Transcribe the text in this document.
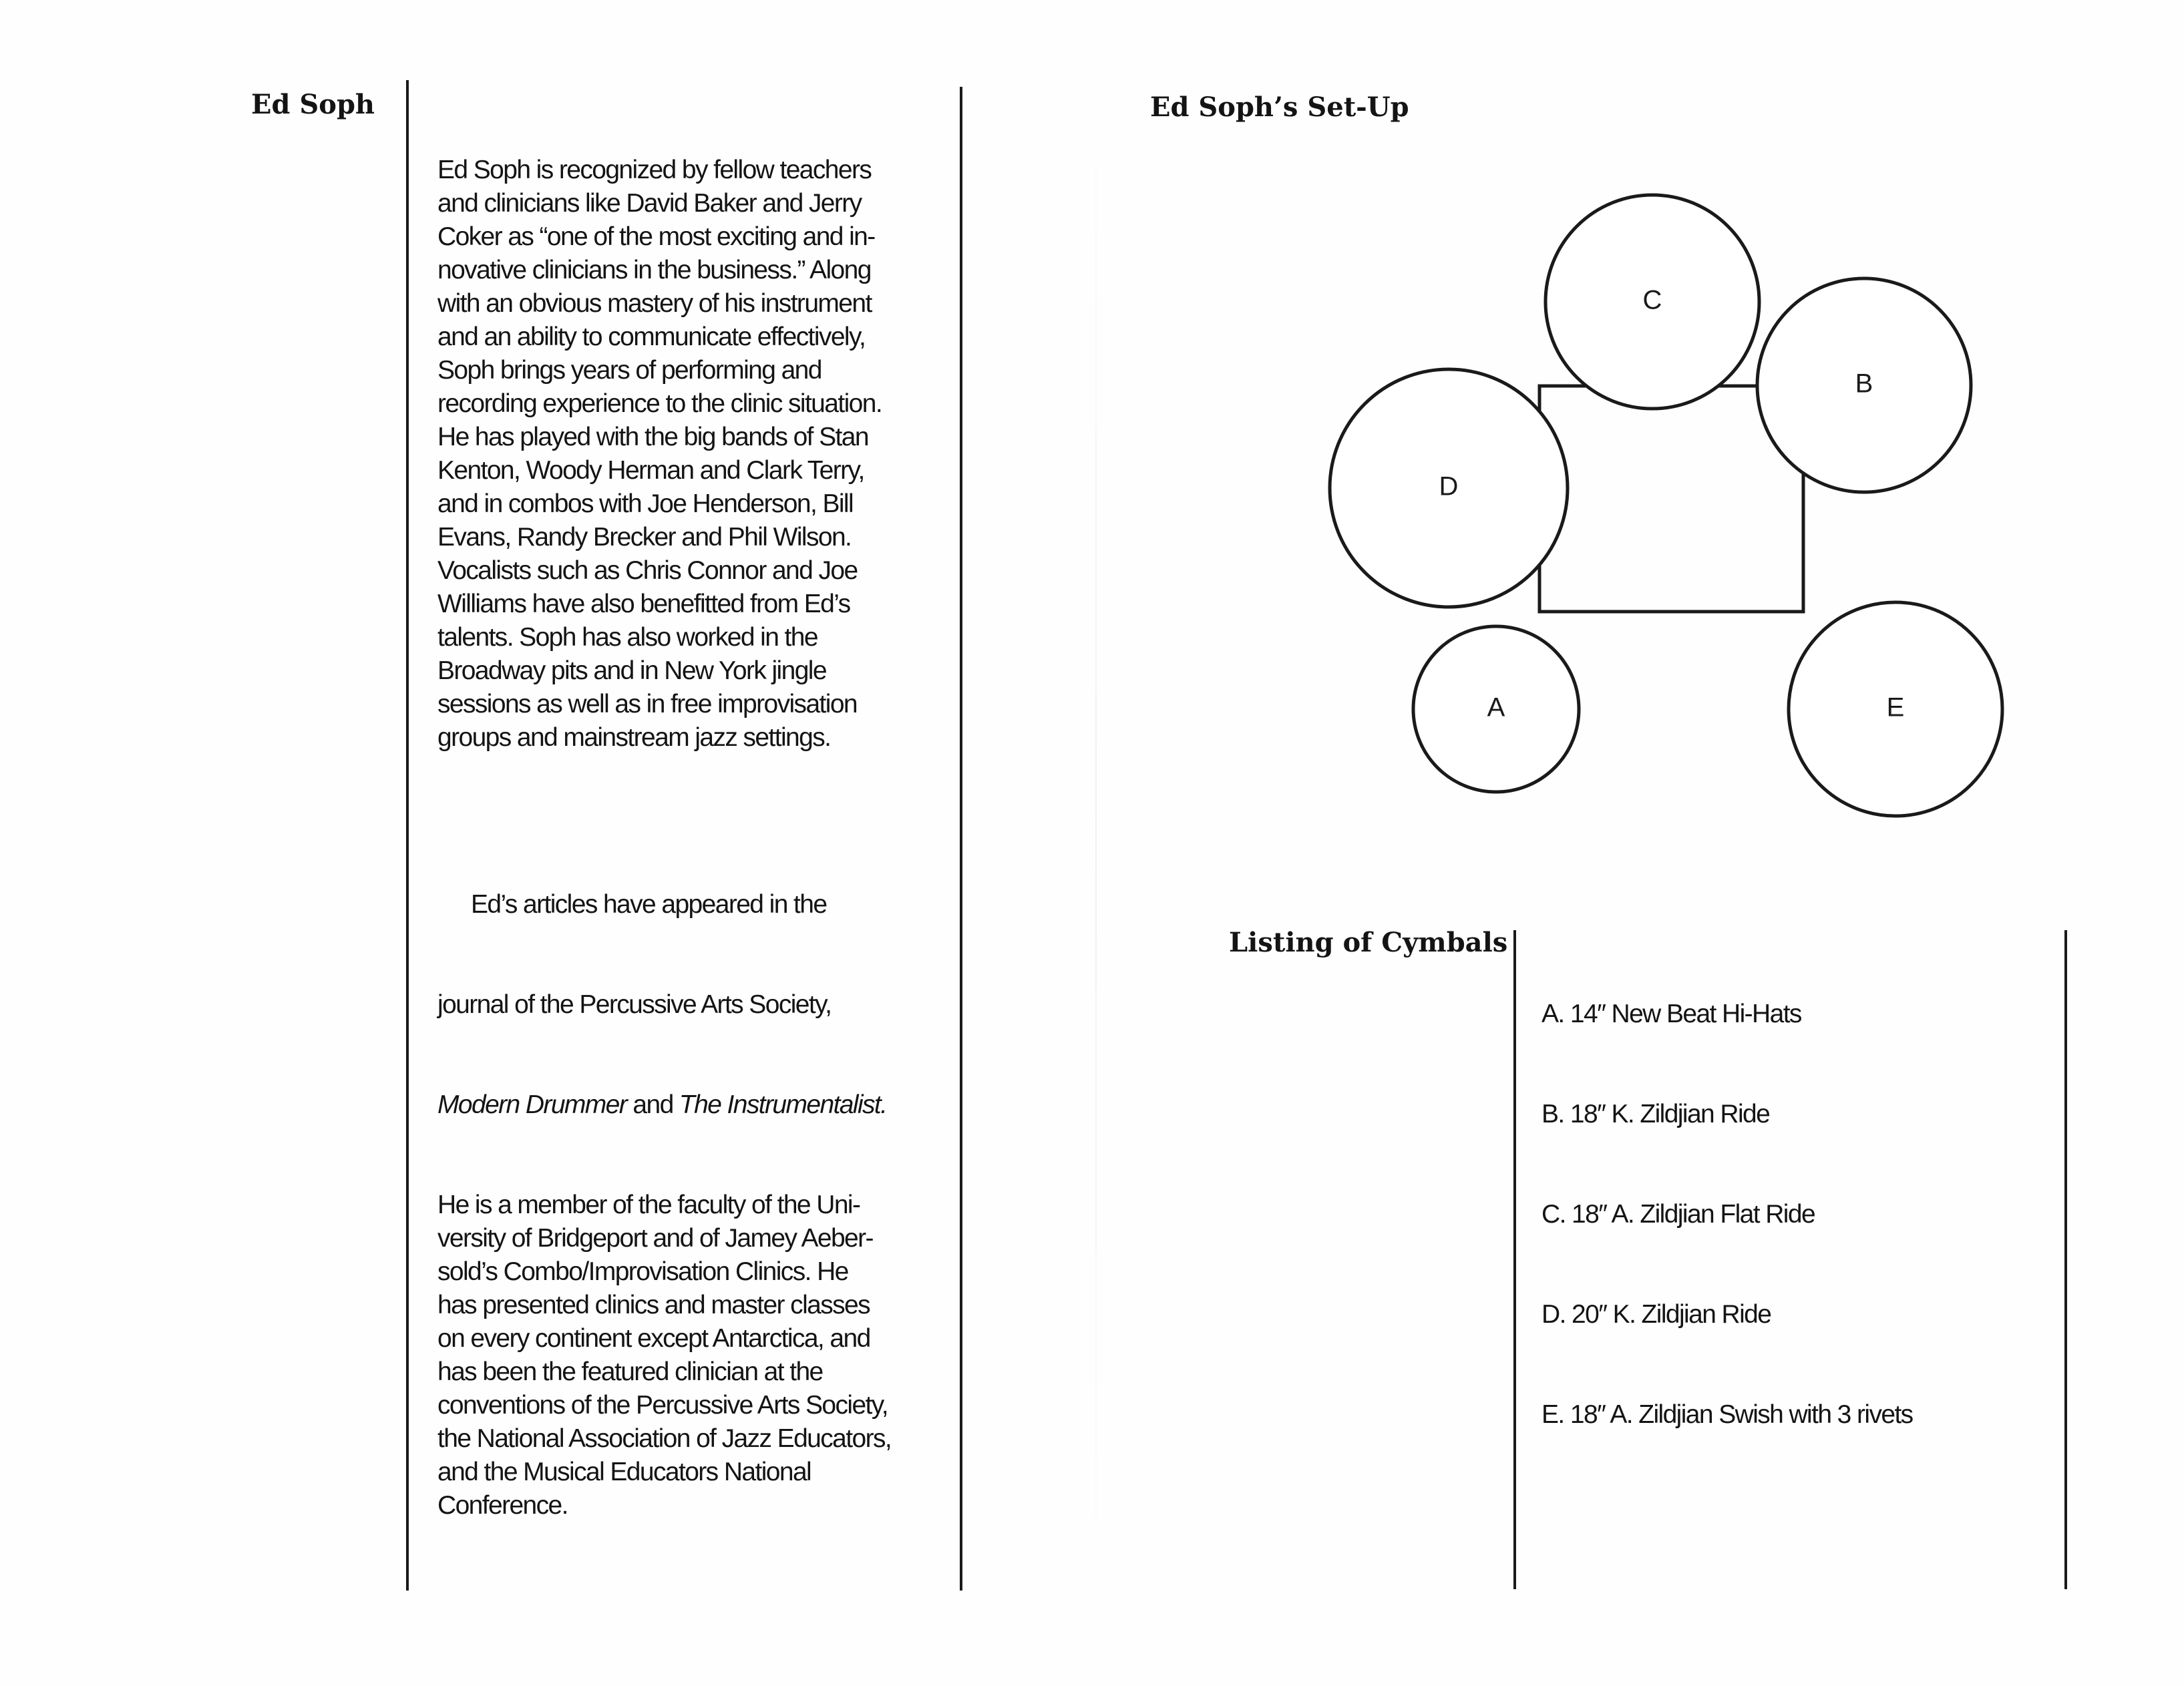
Ed Soph

Ed Soph is recognized by fellow teachers
and clinicians like David Baker and Jerry
Coker as “one of the most exciting and in-
novative clinicians in the business.” Along
with an obvious mastery of his instrument
and an ability to communicate effectively,
Soph brings years of performing and
recording experience to the clinic situation.
He has played with the big bands of Stan
Kenton, Woody Herman and Clark Terry,
and in combos with Joe Henderson, Bill
Evans, Randy Brecker and Phil Wilson.
Vocalists such as Chris Connor and Joe
Williams have also benefitted from Ed’s
talents. Soph has also worked in the
Broadway pits and in New York jingle
sessions as well as in free improvisation
groups and mainstream jazz settings.

Ed’s articles have appeared in the

journal of the Percussive Arts Society,

Modern Drummer and The Instrumentalist.

He is a member of the faculty of the Uni-
versity of Bridgeport and of Jamey Aeber-
sold’s Combo/Improvisation Clinics. He
has presented clinics and master classes
on every continent except Antarctica, and
has been the featured clinician at the
conventions of the Percussive Arts Society,
the National Association of Jazz Educators,
and the Musical Educators National
Conference.

Ed Soph’s Set-Up
C
B
D
A	E
Listing of Cymbals

A. 14″ New Beat Hi-Hats

B. 18″ K. Zildjian Ride

C. 18″ A. Zildjian Flat Ride

D. 20″ K. Zildjian Ride

E. 18″ A. Zildjian Swish with 3 rivets
